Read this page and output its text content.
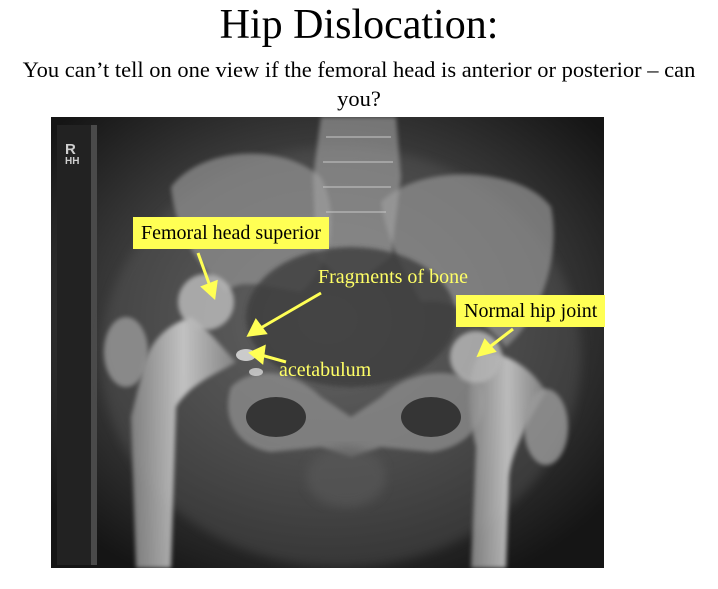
Hip Dislocation:
You can’t tell on one view if the femoral head is anterior or posterior – can you?
R
HH
Femoral head superior
Fragments of bone
Normal hip joint
acetabulum
